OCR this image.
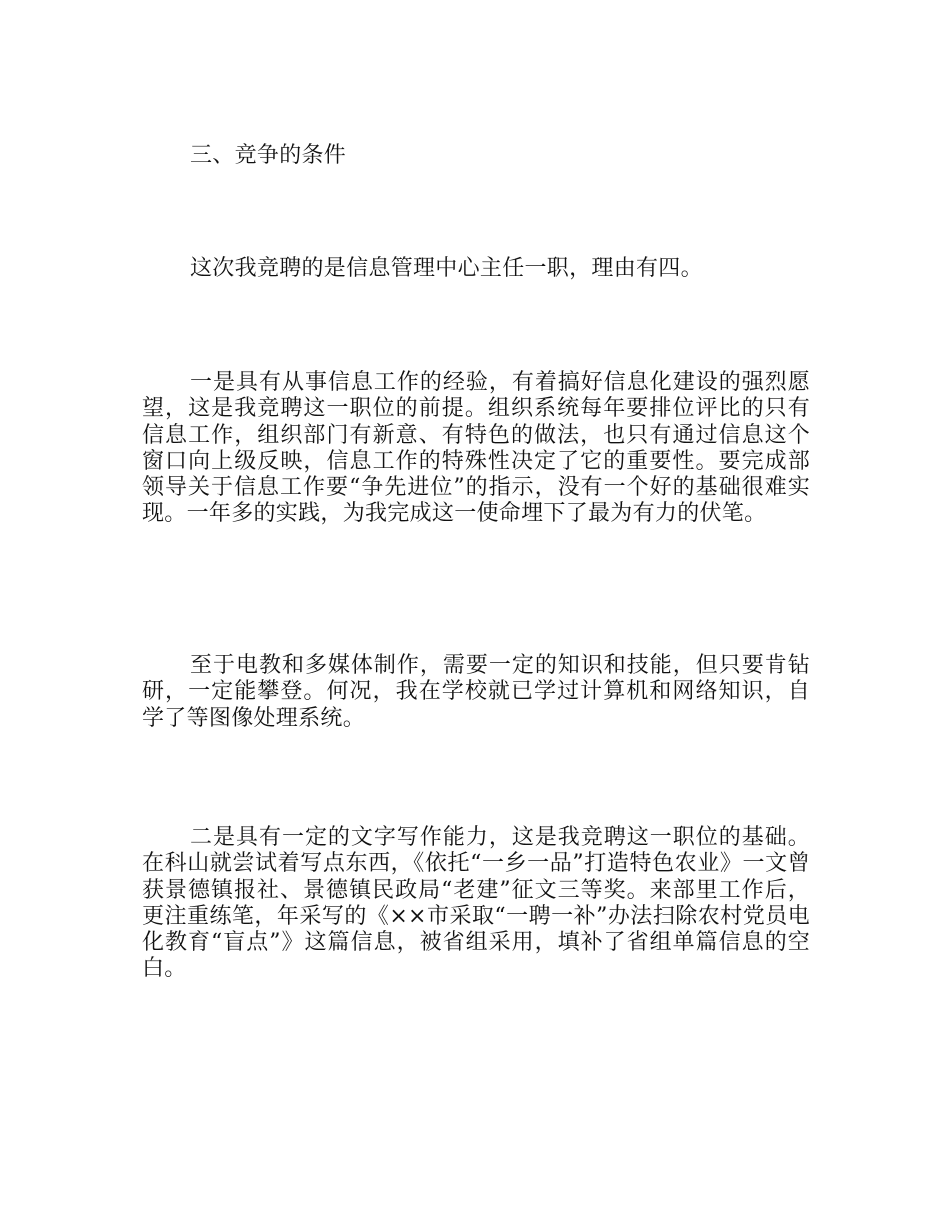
三、竞争的条件

这次我竞聘的是信息管理中心主任一职，理由有四。

一是具有从事信息工作的经验，有着搞好信息化建设的强烈愿望，这是我竞聘这一职位的前提。组织系统每年要排位评比的只有信息工作，组织部门有新意、有特色的做法，也只有通过信息这个窗口向上级反映，信息工作的特殊性决定了它的重要性。要完成部领导关于信息工作要“争先进位”的指示，没有一个好的基础很难实现。一年多的实践，为我完成这一使命埋下了最为有力的伏笔。

至于电教和多媒体制作，需要一定的知识和技能，但只要肯钻研，一定能攀登。何况，我在学校就已学过计算机和网络知识，自学了等图像处理系统。

二是具有一定的文字写作能力，这是我竞聘这一职位的基础。在科山就尝试着写点东西，《依托“一乡一品”打造特色农业》一文曾获景德镇报社、景德镇民政局“老建”征文三等奖。来部里工作后，更注重练笔，年采写的《××市采取“一聘一补”办法扫除农村党员电化教育“盲点”》这篇信息，被省组采用，填补了省组单篇信息的空白。
